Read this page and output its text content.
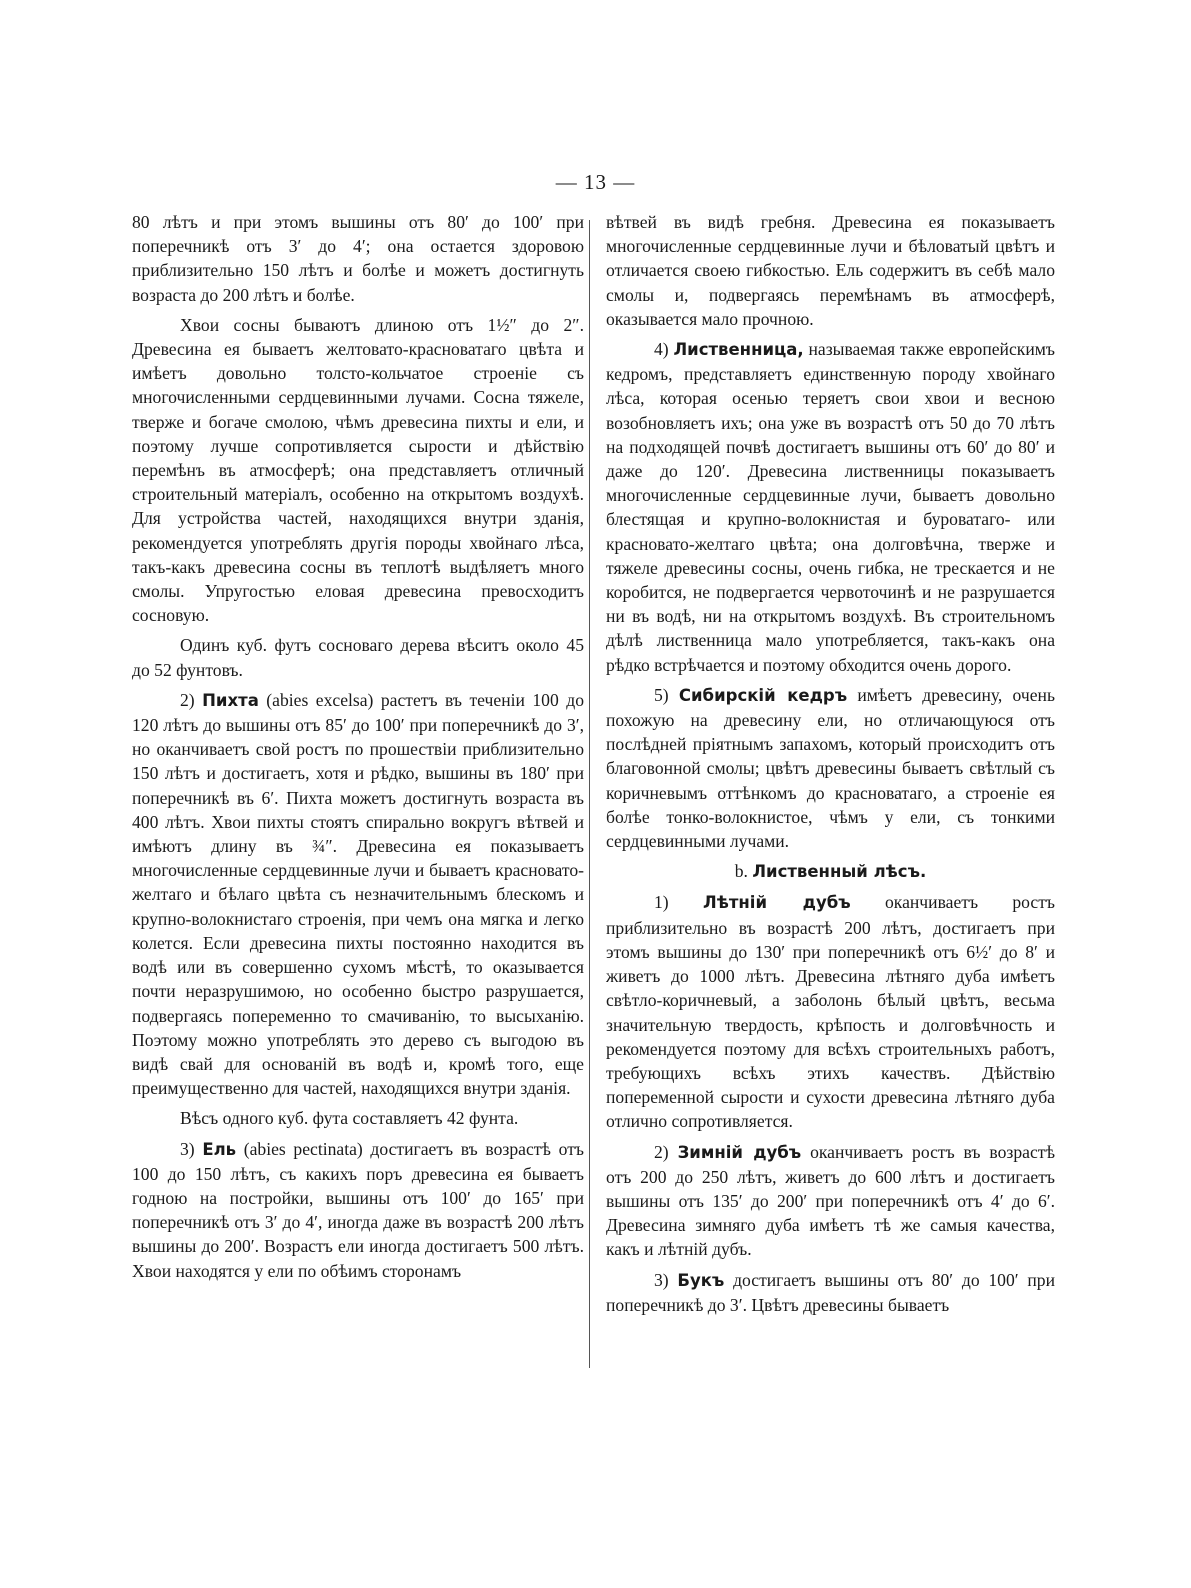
— 13 —

80 лѣтъ и при этомъ вышины отъ 80′ до 100′ при поперечникѣ отъ 3′ до 4′; она остается здоровою приблизительно 150 лѣтъ и болѣе и можетъ достигнуть возраста до 200 лѣтъ и болѣе.

Хвои сосны бываютъ длиною отъ 1½″ до 2″. Древесина ея бываетъ желтовато-красноватаго цвѣта и имѣетъ довольно толсто-кольчатое строеніе съ многочисленными сердцевинными лучами. Сосна тяжеле, тверже и богаче смолою, чѣмъ древесина пихты и ели, и поэтому лучше сопротивляется сырости и дѣйствію перемѣнъ въ атмосферѣ; она представляетъ отличный строительный матеріалъ, особенно на открытомъ воздухѣ. Для устройства частей, находящихся внутри зданія, рекомендуется употреблять другія породы хвойнаго лѣса, такъ-какъ древесина сосны въ теплотѣ выдѣляетъ много смолы. Упругостью еловая древесина превосходитъ сосновую.

Одинъ куб. футъ сосноваго дерева вѣситъ около 45 до 52 фунтовъ.

2) Пихта (abies excelsa) растетъ въ теченіи 100 до 120 лѣтъ до вышины отъ 85′ до 100′ при поперечникѣ до 3′, но оканчиваетъ свой ростъ по прошествіи приблизительно 150 лѣтъ и достигаетъ, хотя и рѣдко, вышины въ 180′ при поперечникѣ въ 6′. Пихта можетъ достигнуть возраста въ 400 лѣтъ. Хвои пихты стоятъ спирально вокругъ вѣтвей и имѣютъ длину въ ¾″. Древесина ея показываетъ многочисленные сердцевинные лучи и бываетъ красновато-желтаго и бѣлаго цвѣта съ незначительнымъ блескомъ и крупно-волокнистаго строенія, при чемъ она мягка и легко колется. Если древесина пихты постоянно находится въ водѣ или въ совершенно сухомъ мѣстѣ, то оказывается почти неразрушимою, но особенно быстро разрушается, подвергаясь попеременно то смачиванію, то высыханію. Поэтому можно употреблять это дерево съ выгодою въ видѣ свай для основаній въ водѣ и, кромѣ того, еще преимущественно для частей, находящихся внутри зданія.

Вѣсъ одного куб. фута составляетъ 42 фунта.

3) Ель (abies pectinata) достигаетъ въ возрастѣ отъ 100 до 150 лѣтъ, съ какихъ поръ древесина ея бываетъ годною на постройки, вышины отъ 100′ до 165′ при поперечникѣ отъ 3′ до 4′, иногда даже въ возрастѣ 200 лѣтъ вышины до 200′. Возрастъ ели иногда достигаетъ 500 лѣтъ. Хвои находятся у ели по обѣимъ сторонамъ

вѣтвей въ видѣ гребня. Древесина ея показываетъ многочисленные сердцевинные лучи и бѣловатый цвѣтъ и отличается своею гибкостью. Ель содержитъ въ себѣ мало смолы и, подвергаясь перемѣнамъ въ атмосферѣ, оказывается мало прочною.

4) Лиственница, называемая также европейскимъ кедромъ, представляетъ единственную породу хвойнаго лѣса, которая осенью теряетъ свои хвои и весною возобновляетъ ихъ; она уже въ возрастѣ отъ 50 до 70 лѣтъ на подходящей почвѣ достигаетъ вышины отъ 60′ до 80′ и даже до 120′. Древесина лиственницы показываетъ многочисленные сердцевинные лучи, бываетъ довольно блестящая и крупно-волокнистая и буроватаго- или красновато-желтаго цвѣта; она долговѣчна, тверже и тяжеле древесины сосны, очень гибка, не трескается и не коробится, не подвергается червоточинѣ и не разрушается ни въ водѣ, ни на открытомъ воздухѣ. Въ строительномъ дѣлѣ лиственница мало употребляется, такъ-какъ она рѣдко встрѣчается и поэтому обходится очень дорого.

5) Сибирскій кедръ имѣетъ древесину, очень похожую на древесину ели, но отличающуюся отъ послѣдней пріятнымъ запахомъ, который происходитъ отъ благовонной смолы; цвѣтъ древесины бываетъ свѣтлый съ коричневымъ оттѣнкомъ до красноватаго, а строеніе ея болѣе тонко-волокнистое, чѣмъ у ели, съ тонкими сердцевинными лучами.

b. Лиственный лѣсъ.

1) Лѣтній дубъ оканчиваетъ ростъ приблизительно въ возрастѣ 200 лѣтъ, достигаетъ при этомъ вышины до 130′ при поперечникѣ отъ 6½′ до 8′ и живетъ до 1000 лѣтъ. Древесина лѣтняго дуба имѣетъ свѣтло-коричневый, а заболонь бѣлый цвѣтъ, весьма значительную твердость, крѣпость и долговѣчность и рекомендуется поэтому для всѣхъ строительныхъ работъ, требующихъ всѣхъ этихъ качествъ. Дѣйствію попеременной сырости и сухости древесина лѣтняго дуба отлично сопротивляется.

2) Зимній дубъ оканчиваетъ ростъ въ возрастѣ отъ 200 до 250 лѣтъ, живетъ до 600 лѣтъ и достигаетъ вышины отъ 135′ до 200′ при поперечникѣ отъ 4′ до 6′. Древесина зимняго дуба имѣетъ тѣ же самыя качества, какъ и лѣтній дубъ.

3) Букъ достигаетъ вышины отъ 80′ до 100′ при поперечникѣ до 3′. Цвѣтъ древесины бываетъ
